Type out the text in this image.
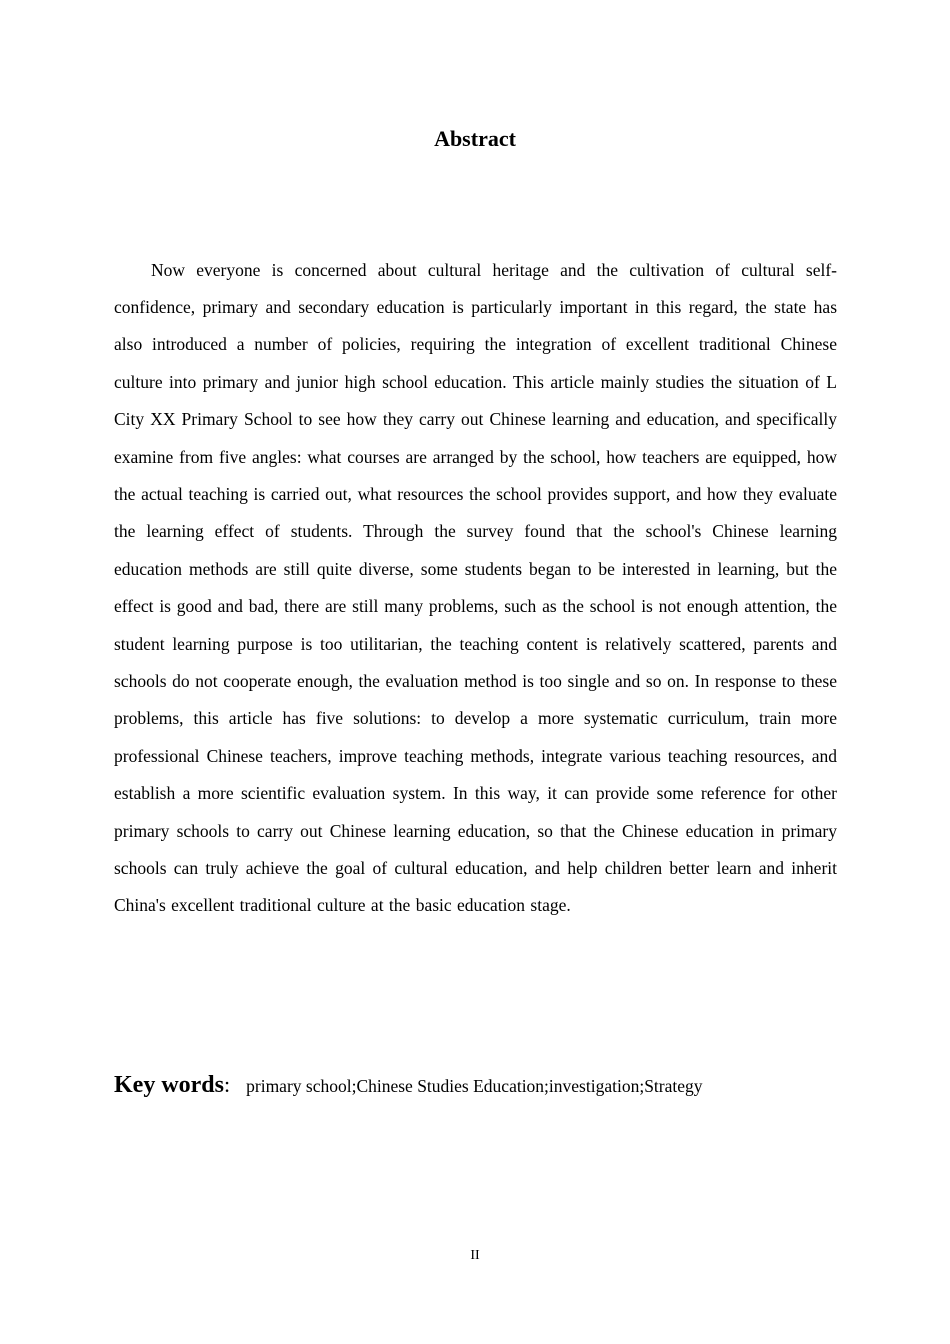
Abstract

Now everyone is concerned about cultural heritage and the cultivation of cultural self-confidence, primary and secondary education is particularly important in this regard, the state has also introduced a number of policies, requiring the integration of excellent traditional Chinese culture into primary and junior high school education. This article mainly studies the situation of L City XX Primary School to see how they carry out Chinese learning and education, and specifically examine from five angles: what courses are arranged by the school, how teachers are equipped, how the actual teaching is carried out, what resources the school provides support, and how they evaluate the learning effect of students. Through the survey found that the school's Chinese learning education methods are still quite diverse, some students began to be interested in learning, but the effect is good and bad, there are still many problems, such as the school is not enough attention, the student learning purpose is too utilitarian, the teaching content is relatively scattered, parents and schools do not cooperate enough, the evaluation method is too single and so on. In response to these problems, this article has five solutions: to develop a more systematic curriculum, train more professional Chinese teachers, improve teaching methods, integrate various teaching resources, and establish a more scientific evaluation system. In this way, it can provide some reference for other primary schools to carry out Chinese learning education, so that the Chinese education in primary schools can truly achieve the goal of cultural education, and help children better learn and inherit China's excellent traditional culture at the basic education stage.

Key words: primary school;Chinese Studies Education;investigation;Strategy
II
